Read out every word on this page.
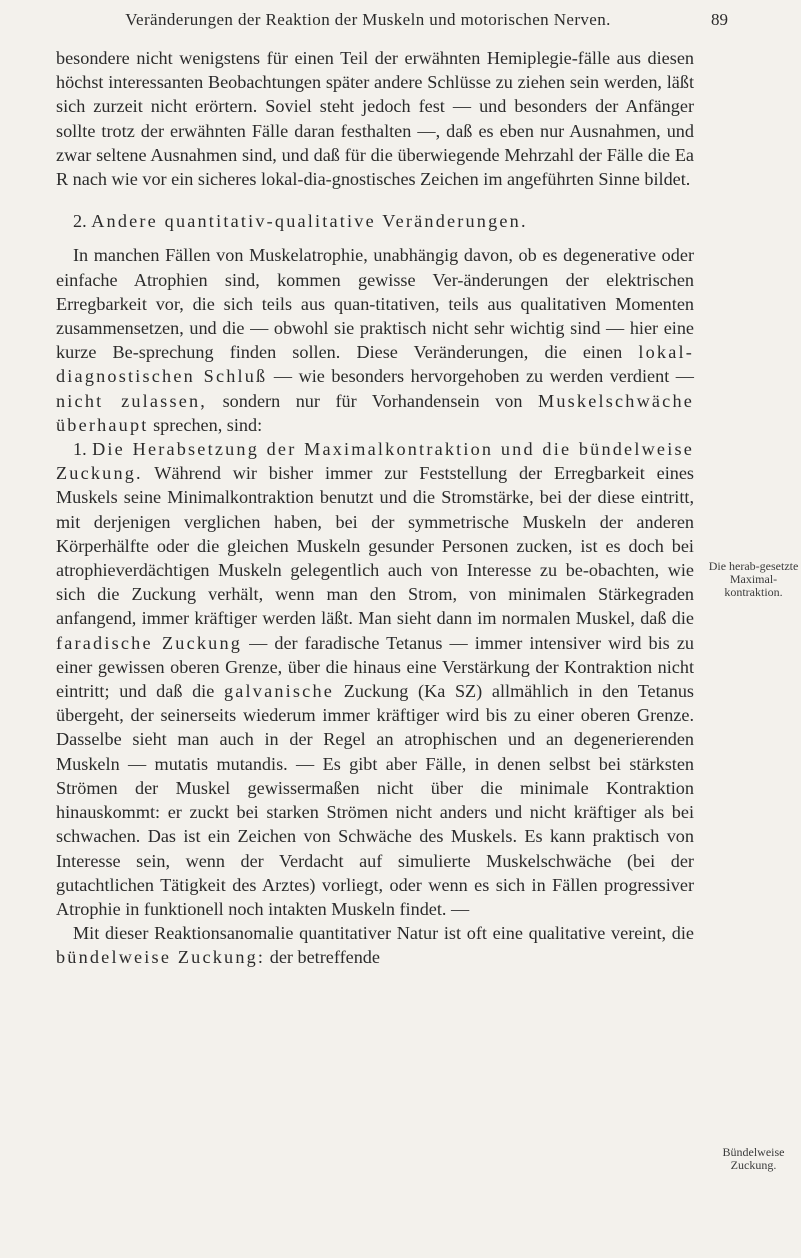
Veränderungen der Reaktion der Muskeln und motorischen Nerven.	89

besondere nicht wenigstens für einen Teil der erwähnten Hemiplegie-fälle aus diesen höchst interessanten Beobachtungen später andere Schlüsse zu ziehen sein werden, läßt sich zurzeit nicht erörtern. Soviel steht jedoch fest — und besonders der Anfänger sollte trotz der erwähnten Fälle daran festhalten —, daß es eben nur Ausnahmen, und zwar seltene Ausnahmen sind, und daß für die überwiegende Mehrzahl der Fälle die Ea R nach wie vor ein sicheres lokal-dia-gnostisches Zeichen im angeführten Sinne bildet.

2. Andere quantitativ-qualitative Veränderungen.

In manchen Fällen von Muskelatrophie, unabhängig davon, ob es degenerative oder einfache Atrophien sind, kommen gewisse Ver-änderungen der elektrischen Erregbarkeit vor, die sich teils aus quan-titativen, teils aus qualitativen Momenten zusammensetzen, und die — obwohl sie praktisch nicht sehr wichtig sind — hier eine kurze Be-sprechung finden sollen. Diese Veränderungen, die einen lokal-diagnostischen Schluß — wie besonders hervorgehoben zu werden verdient — nicht zulassen, sondern nur für Vorhandensein von Muskelschwäche überhaupt sprechen, sind:

1. Die Herabsetzung der Maximalkontraktion und die bündelweise Zuckung. Während wir bisher immer zur Feststellung der Erregbarkeit eines Muskels seine Minimalkontraktion benutzt und die Stromstärke, bei der diese eintritt, mit derjenigen verglichen haben, bei der symmetrische Muskeln der anderen Körperhälfte oder die gleichen Muskeln gesunder Personen zucken, ist es doch bei atrophieverdächtigen Muskeln gelegentlich auch von Interesse zu be-obachten, wie sich die Zuckung verhält, wenn man den Strom, von minimalen Stärkegraden anfangend, immer kräftiger werden läßt. Man sieht dann im normalen Muskel, daß die faradische Zuckung — der faradische Tetanus — immer intensiver wird bis zu einer gewissen oberen Grenze, über die hinaus eine Verstärkung der Kontraktion nicht eintritt; und daß die galvanische Zuckung (Ka SZ) allmählich in den Tetanus übergeht, der seinerseits wiederum immer kräftiger wird bis zu einer oberen Grenze. Dasselbe sieht man auch in der Regel an atrophischen und an degenerierenden Muskeln — mutatis mutandis. — Es gibt aber Fälle, in denen selbst bei stärksten Strömen der Muskel gewissermaßen nicht über die minimale Kontraktion hinauskommt: er zuckt bei starken Strömen nicht anders und nicht kräftiger als bei schwachen. Das ist ein Zeichen von Schwäche des Muskels. Es kann praktisch von Interesse sein, wenn der Verdacht auf simulierte Muskelschwäche (bei der gutachtlichen Tätigkeit des Arztes) vorliegt, oder wenn es sich in Fällen progressiver Atrophie in funktionell noch intakten Muskeln findet. —

Mit dieser Reaktionsanomalie quantitativer Natur ist oft eine qualitative vereint, die bündelweise Zuckung: der betreffende

Die herab-gesetzte Maximal-kontraktion.
Bündelweise Zuckung.
